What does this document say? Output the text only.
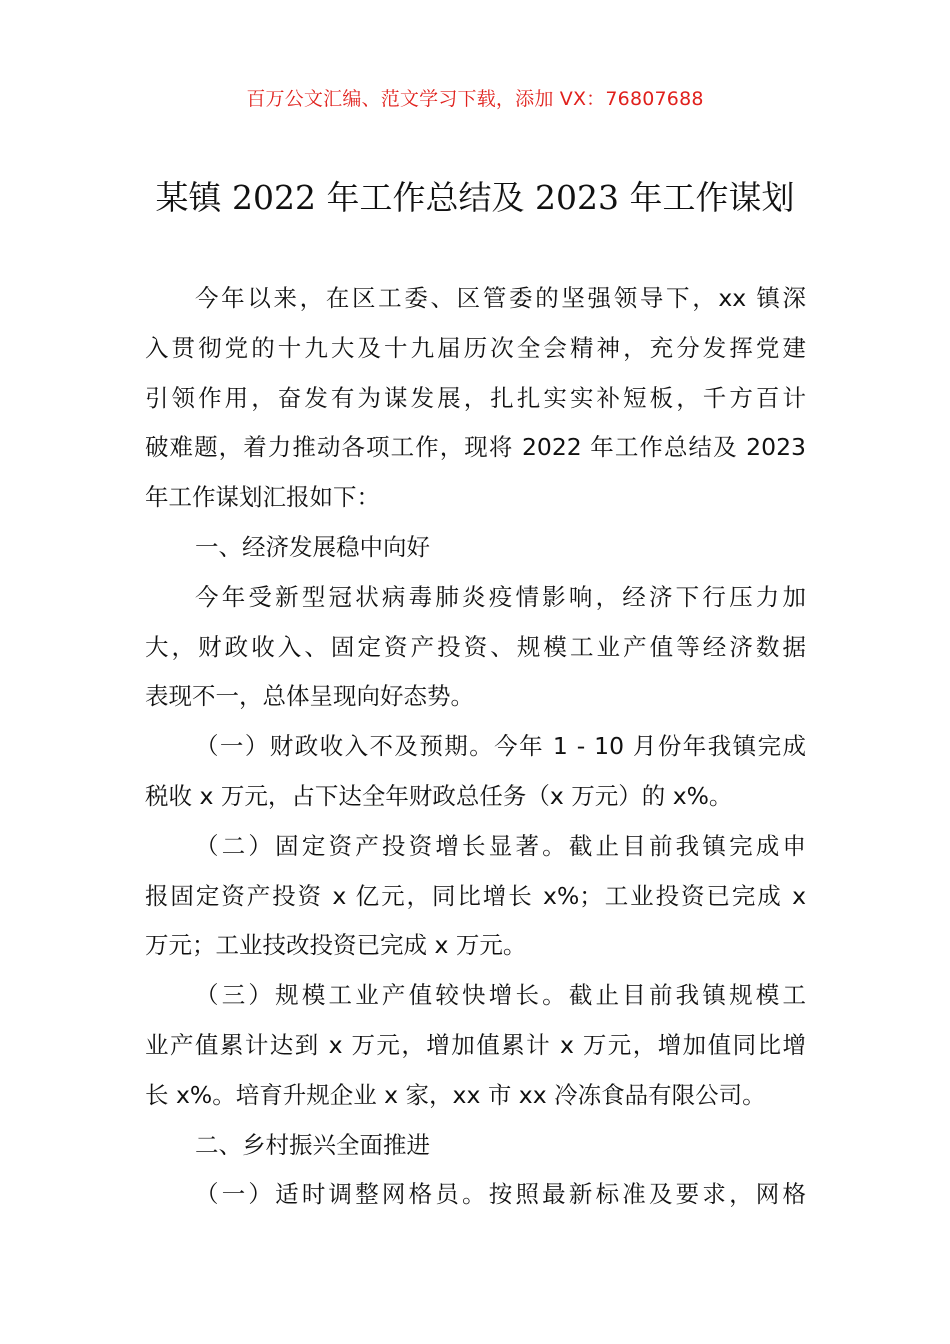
百万公文汇编、范文学习下载，添加 VX：76807688
某镇 2022 年工作总结及 2023 年工作谋划
今年以来，在区工委、区管委的坚强领导下，xx 镇深
入贯彻党的十九大及十九届历次全会精神，充分发挥党建
引领作用，奋发有为谋发展，扎扎实实补短板，千方百计
破难题，着力推动各项工作，现将 2022 年工作总结及 2023
年工作谋划汇报如下：
一、经济发展稳中向好
今年受新型冠状病毒肺炎疫情影响，经济下行压力加
大，财政收入、固定资产投资、规模工业产值等经济数据
表现不一，总体呈现向好态势。
（一）财政收入不及预期。今年 1 - 10 月份年我镇完成
税收 x 万元，占下达全年财政总任务（x 万元）的 x%。
（二）固定资产投资增长显著。截止目前我镇完成申
报固定资产投资 x 亿元，同比增长 x%；工业投资已完成 x
万元；工业技改投资已完成 x 万元。
（三）规模工业产值较快增长。截止目前我镇规模工
业产值累计达到 x 万元，增加值累计 x 万元，增加值同比增
长 x%。培育升规企业 x 家，xx 市 xx 冷冻食品有限公司。
二、乡村振兴全面推进
（一）适时调整网格员。按照最新标准及要求，网格
